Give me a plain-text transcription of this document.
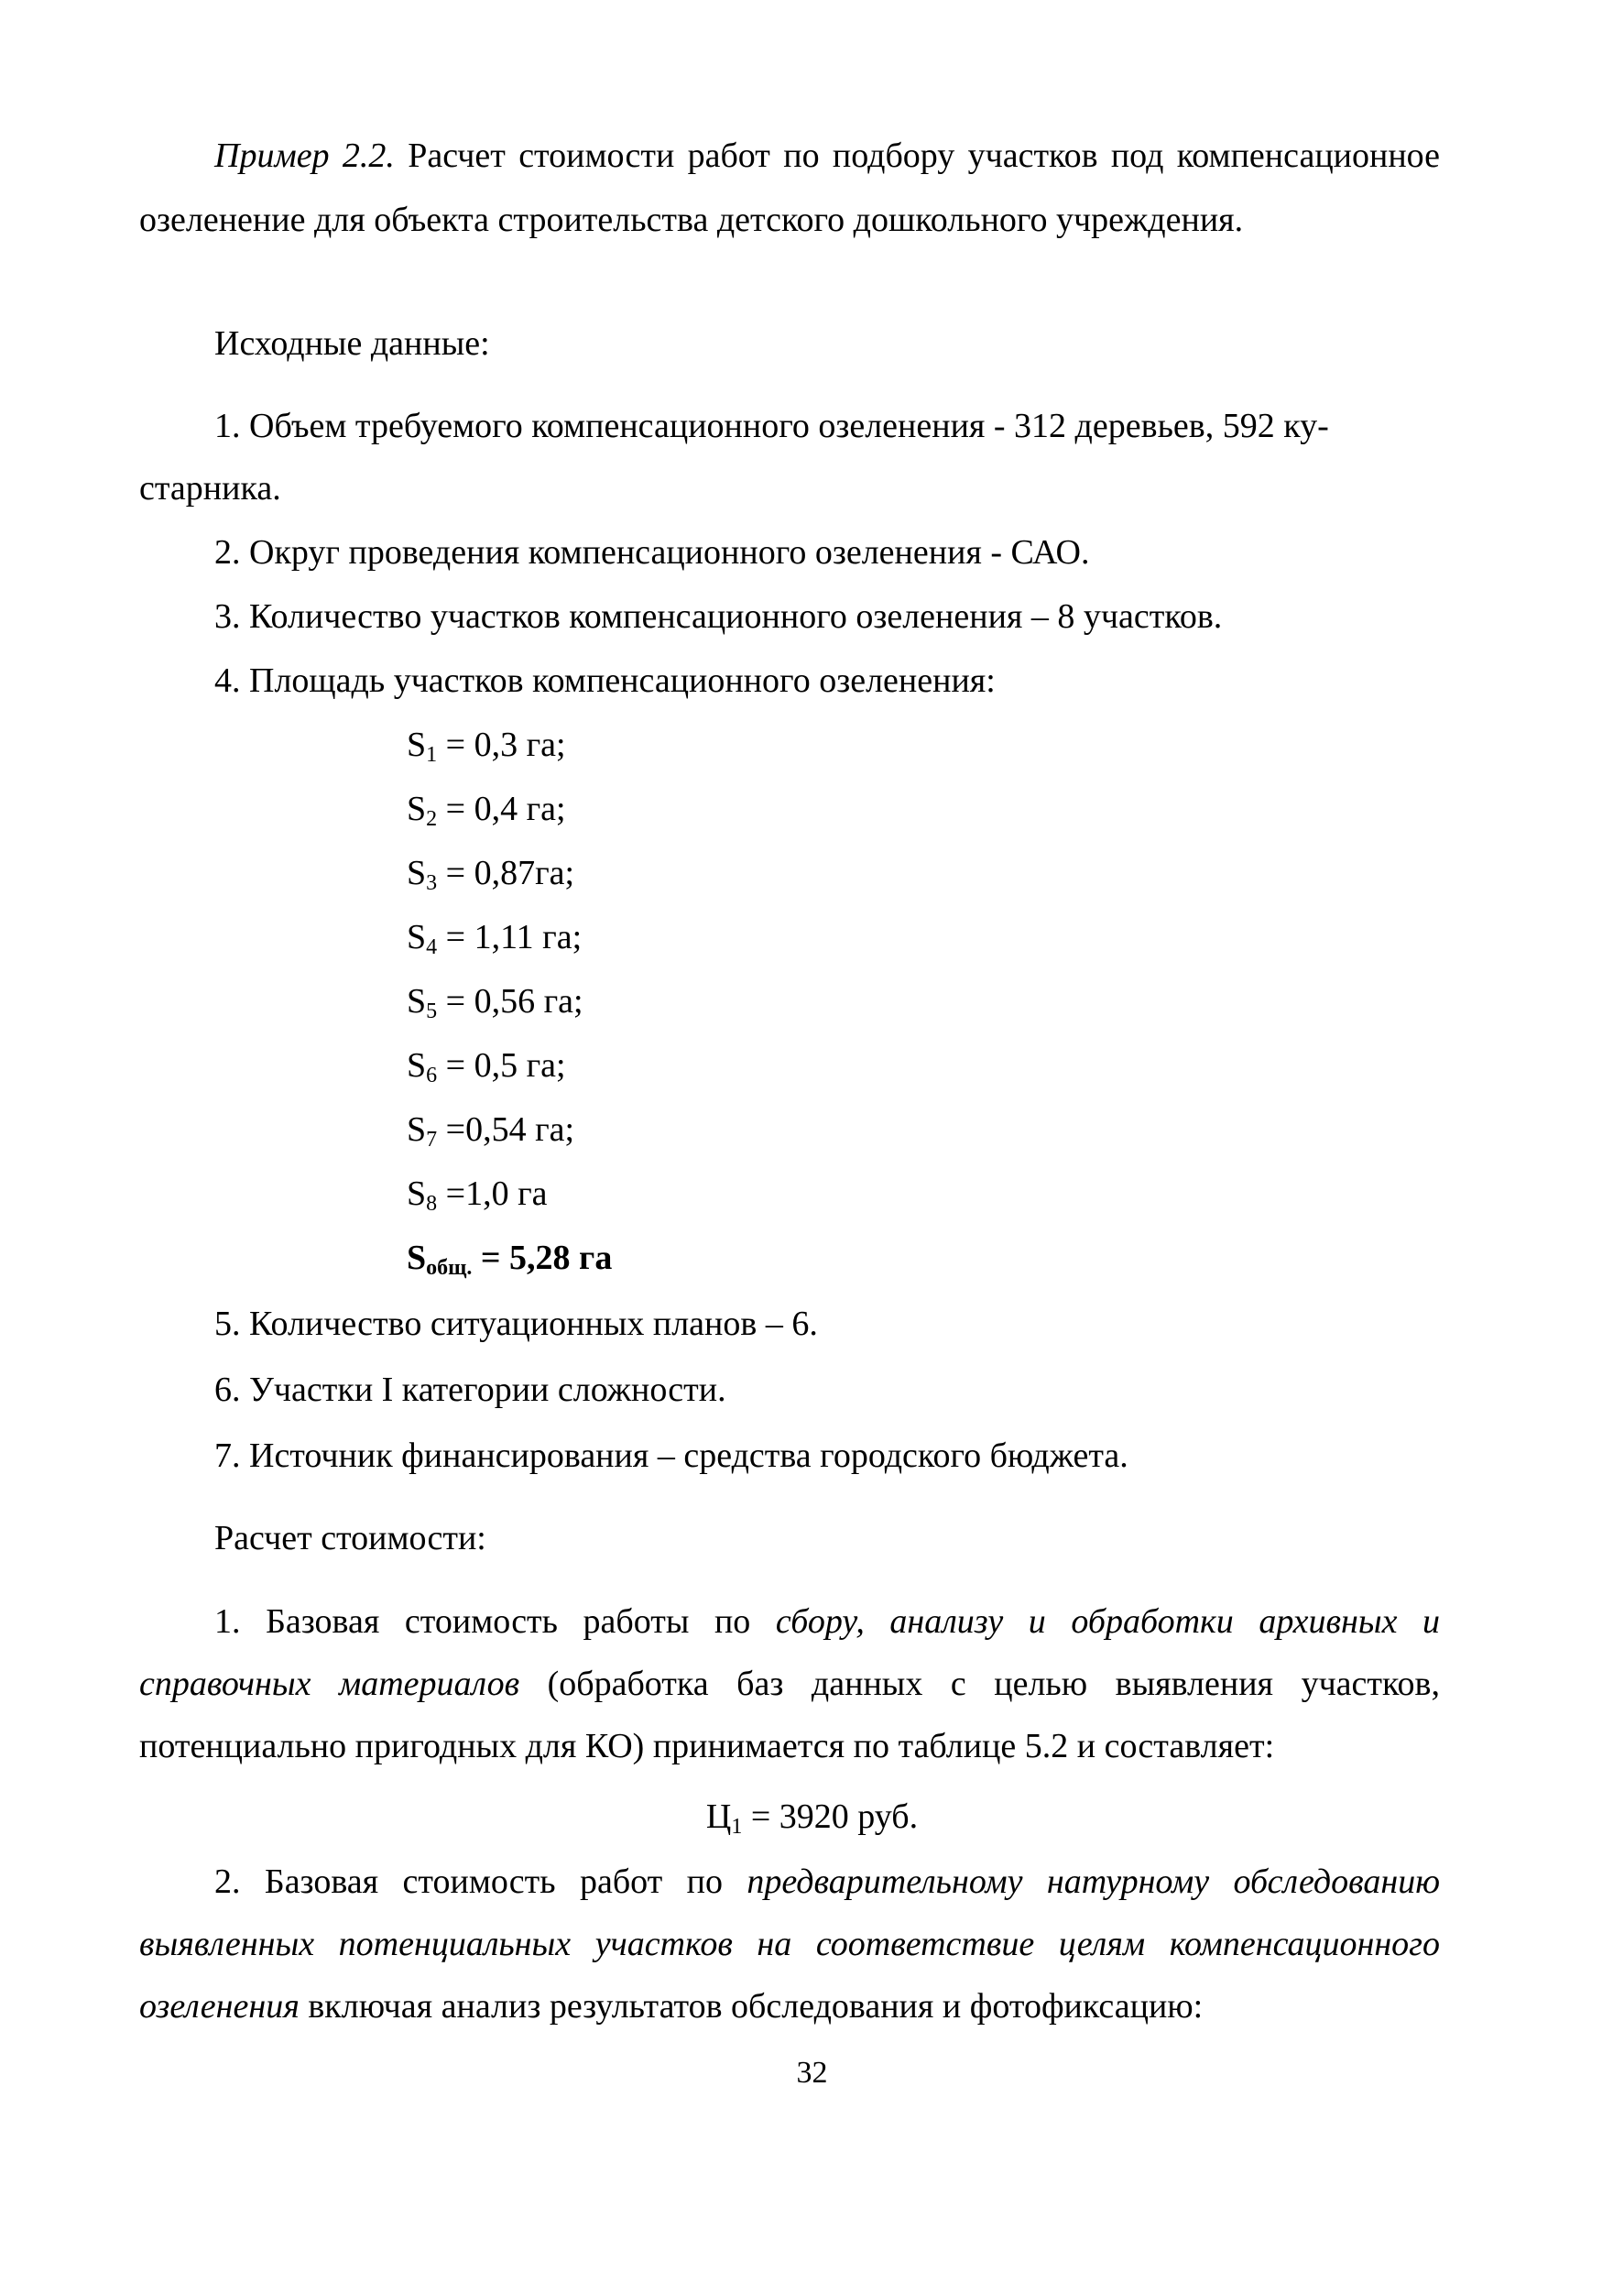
Пример 2.2. Расчет стоимости работ по подбору участков под компенсационное озеленение для объекта строительства детского дошкольного учреждения.

Исходные данные:

1. Объем требуемого компенсационного озеленения - 312 деревьев, 592 ку-

старника.

2. Округ проведения компенсационного озеленения - САО.

3. Количество участков компенсационного озеленения – 8 участков.

4. Площадь участков компенсационного озеленения:

$S_1 = 0,3$ га;

$S_2 = 0,4$ га;

$S_3 = 0,87га$;

$S_4 = 1,11$ га;

$S_5 = 0,56$ га;

$S_6 = 0,5$ га;

$S_7 =0,54$ га;

$S_8 =1,0$ га

$S_{общ.} = 5,28$ га

5. Количество ситуационных планов – 6.

6. Участки I категории сложности.

7. Источник финансирования – средства городского бюджета.

Расчет стоимости:

1. Базовая стоимость работы по сбору, анализу и обработки архивных и справочных материалов (обработка баз данных с целью выявления участков, потенциально пригодных для КО) принимается по таблице 5.2 и составляет:

$Ц_1 = 3920$ руб.

2. Базовая стоимость работ по предварительному натурному обследованию выявленных потенциальных участков на соответствие целям компенсационного озеленения включая анализ результатов обследования и фотофиксацию:

32
